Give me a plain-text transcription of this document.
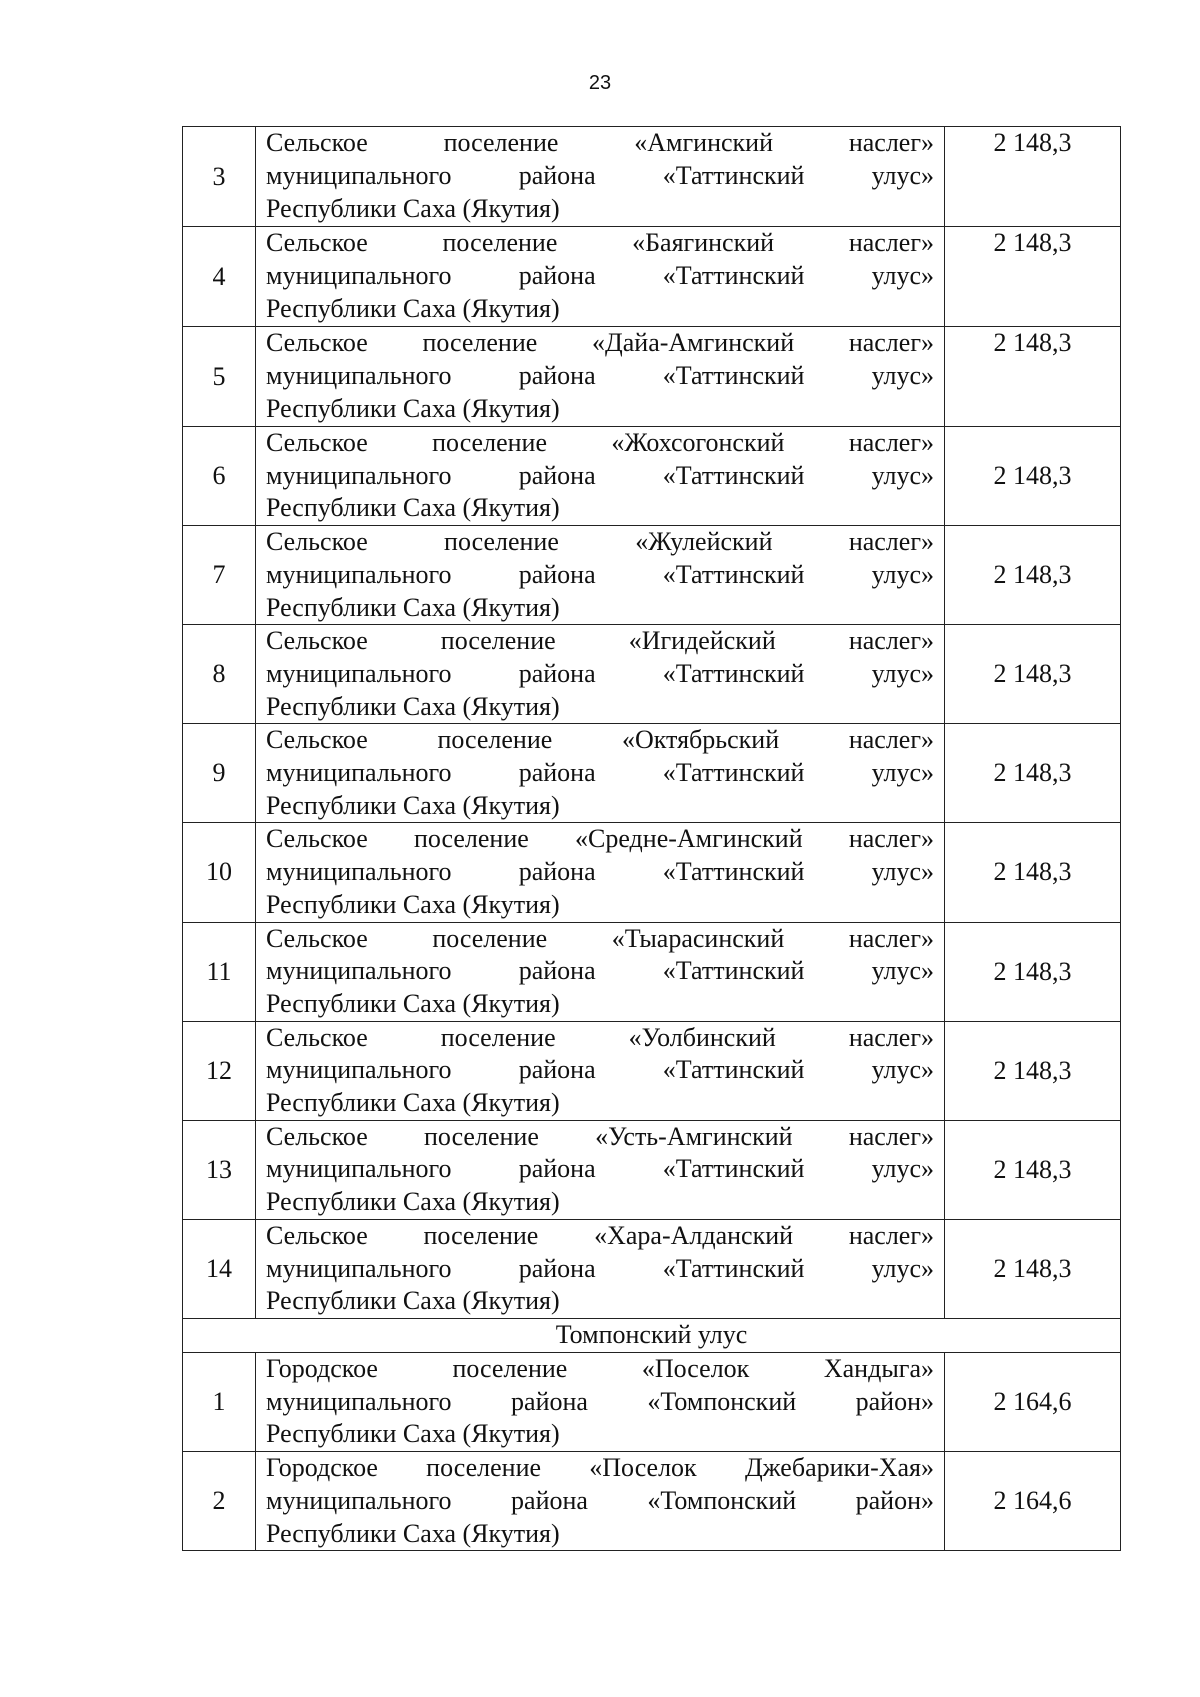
23
3	Сельское поселение «Амгинский наслег»
муниципального района «Таттинский улус»
Республики Саха (Якутия)	2 148,3
4	Сельское поселение «Баягинский наслег»
муниципального района «Таттинский улус»
Республики Саха (Якутия)	2 148,3
5	Сельское поселение «Дайа-Амгинский наслег»
муниципального района «Таттинский улус»
Республики Саха (Якутия)	2 148,3
6	Сельское поселение «Жохсогонский наслег»
муниципального района «Таттинский улус»
Республики Саха (Якутия)	2 148,3
7	Сельское поселение «Жулейский наслег»
муниципального района «Таттинский улус»
Республики Саха (Якутия)	2 148,3
8	Сельское поселение «Игидейский наслег»
муниципального района «Таттинский улус»
Республики Саха (Якутия)	2 148,3
9	Сельское поселение «Октябрьский наслег»
муниципального района «Таттинский улус»
Республики Саха (Якутия)	2 148,3
10	Сельское поселение «Средне-Амгинский наслег»
муниципального района «Таттинский улус»
Республики Саха (Якутия)	2 148,3
11	Сельское поселение «Тыарасинский наслег»
муниципального района «Таттинский улус»
Республики Саха (Якутия)	2 148,3
12	Сельское поселение «Уолбинский наслег»
муниципального района «Таттинский улус»
Республики Саха (Якутия)	2 148,3
13	Сельское поселение «Усть-Амгинский наслег»
муниципального района «Таттинский улус»
Республики Саха (Якутия)	2 148,3
14	Сельское поселение «Хара-Алданский наслег»
муниципального района «Таттинский улус»
Республики Саха (Якутия)	2 148,3
Томпонский улус		
1	Городское поселение «Поселок Хандыга»
муниципального района «Томпонский район»
Республики Саха (Якутия)	2 164,6
2	Городское поселение «Поселок Джебарики-Хая»
муниципального района «Томпонский район»
Республики Саха (Якутия)	2 164,6
